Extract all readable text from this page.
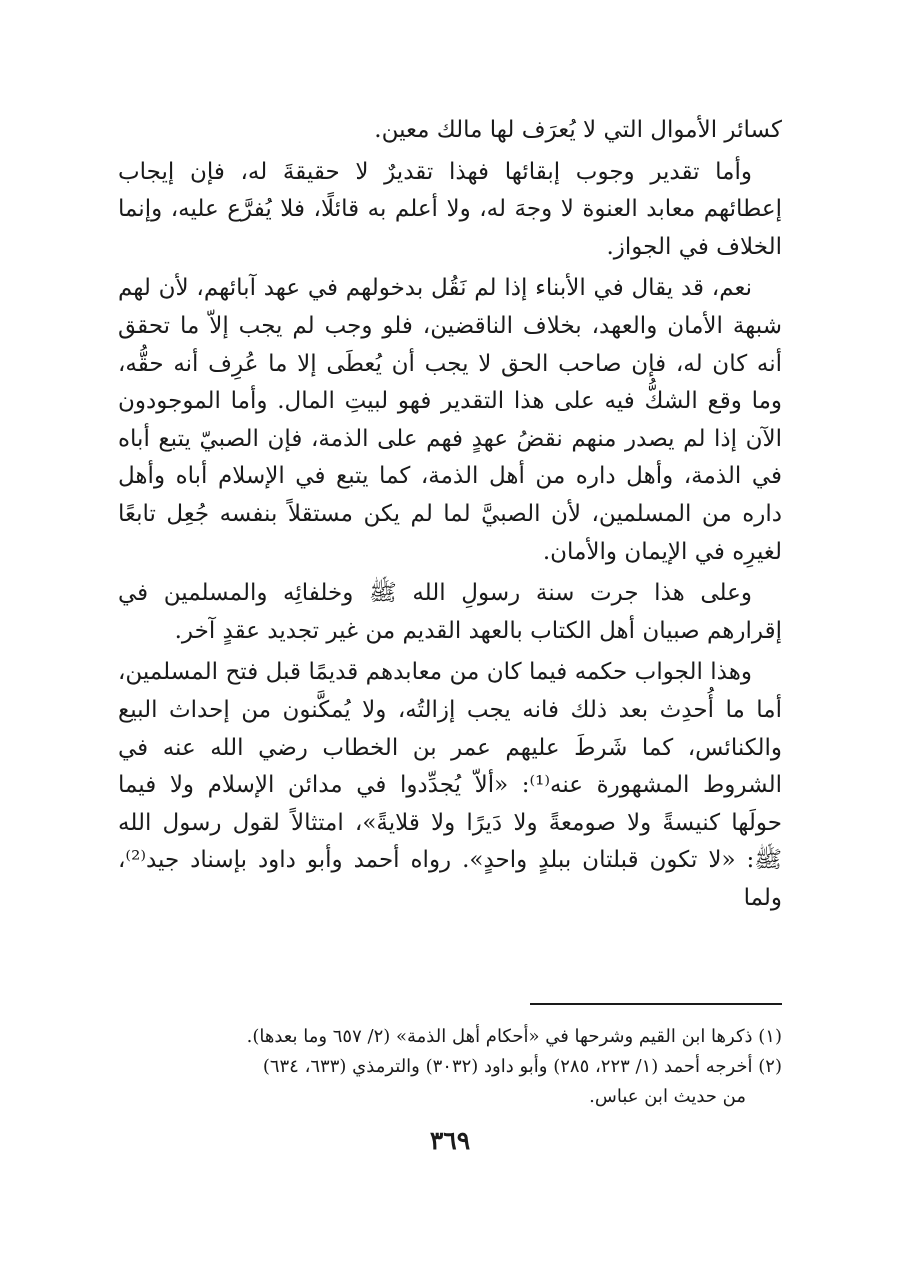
كسائر الأموال التي لا يُعرَف لها مالك معين.

وأما تقدير وجوب إبقائها فهذا تقديرٌ لا حقيقةَ له، فإن إيجاب إعطائهم معابد العنوة لا وجهَ له، ولا أعلم به قائلًا، فلا يُفرَّع عليه، وإنما الخلاف في الجواز.

نعم، قد يقال في الأبناء إذا لم نَقُل بدخولهم في عهد آبائهم، لأن لهم شبهة الأمان والعهد، بخلاف الناقضين، فلو وجب لم يجب إلاّ ما تحقق أنه كان له، فإن صاحب الحق لا يجب أن يُعطَى إلا ما عُرِف أنه حقُّه، وما وقع الشكُّ فيه على هذا التقدير فهو لبيتِ المال. وأما الموجودون الآن إذا لم يصدر منهم نقضُ عهدٍ فهم على الذمة، فإن الصبيّ يتبع أباه في الذمة، وأهل داره من أهل الذمة، كما يتبع في الإسلام أباه وأهل داره من المسلمين، لأن الصبيَّ لما لم يكن مستقلاً بنفسه جُعِل تابعًا لغيرِه في الإيمان والأمان.

وعلى هذا جرت سنة رسولِ الله ﷺ وخلفائِه والمسلمين في إقرارهم صبيان أهل الكتاب بالعهد القديم من غير تجديد عقدٍ آخر.

وهذا الجواب حكمه فيما كان من معابدهم قديمًا قبل فتح المسلمين، أما ما أُحدِث بعد ذلك فانه يجب إزالتُه، ولا يُمكَّنون من إحداث البيع والكنائس، كما شَرطَ عليهم عمر بن الخطاب رضي الله عنه في الشروط المشهورة عنه⁽¹⁾: «ألاّ يُجدِّدوا في مدائن الإسلام ولا فيما حولَها كنيسةً ولا صومعةً ولا دَيرًا ولا قلايةً»، امتثالاً لقول رسول الله ﷺ: «لا تكون قبلتان ببلدٍ واحدٍ». رواه أحمد وأبو داود بإسناد جيد⁽²⁾، ولما

(١) ذكرها ابن القيم وشرحها في «أحكام أهل الذمة» (٢/ ٦٥٧ وما بعدها).

(٢) أخرجه أحمد (١/ ٢٢٣، ٢٨٥) وأبو داود (٣٠٣٢) والترمذي (٦٣٣، ٦٣٤)

من حديث ابن عباس.

٣٦٩
